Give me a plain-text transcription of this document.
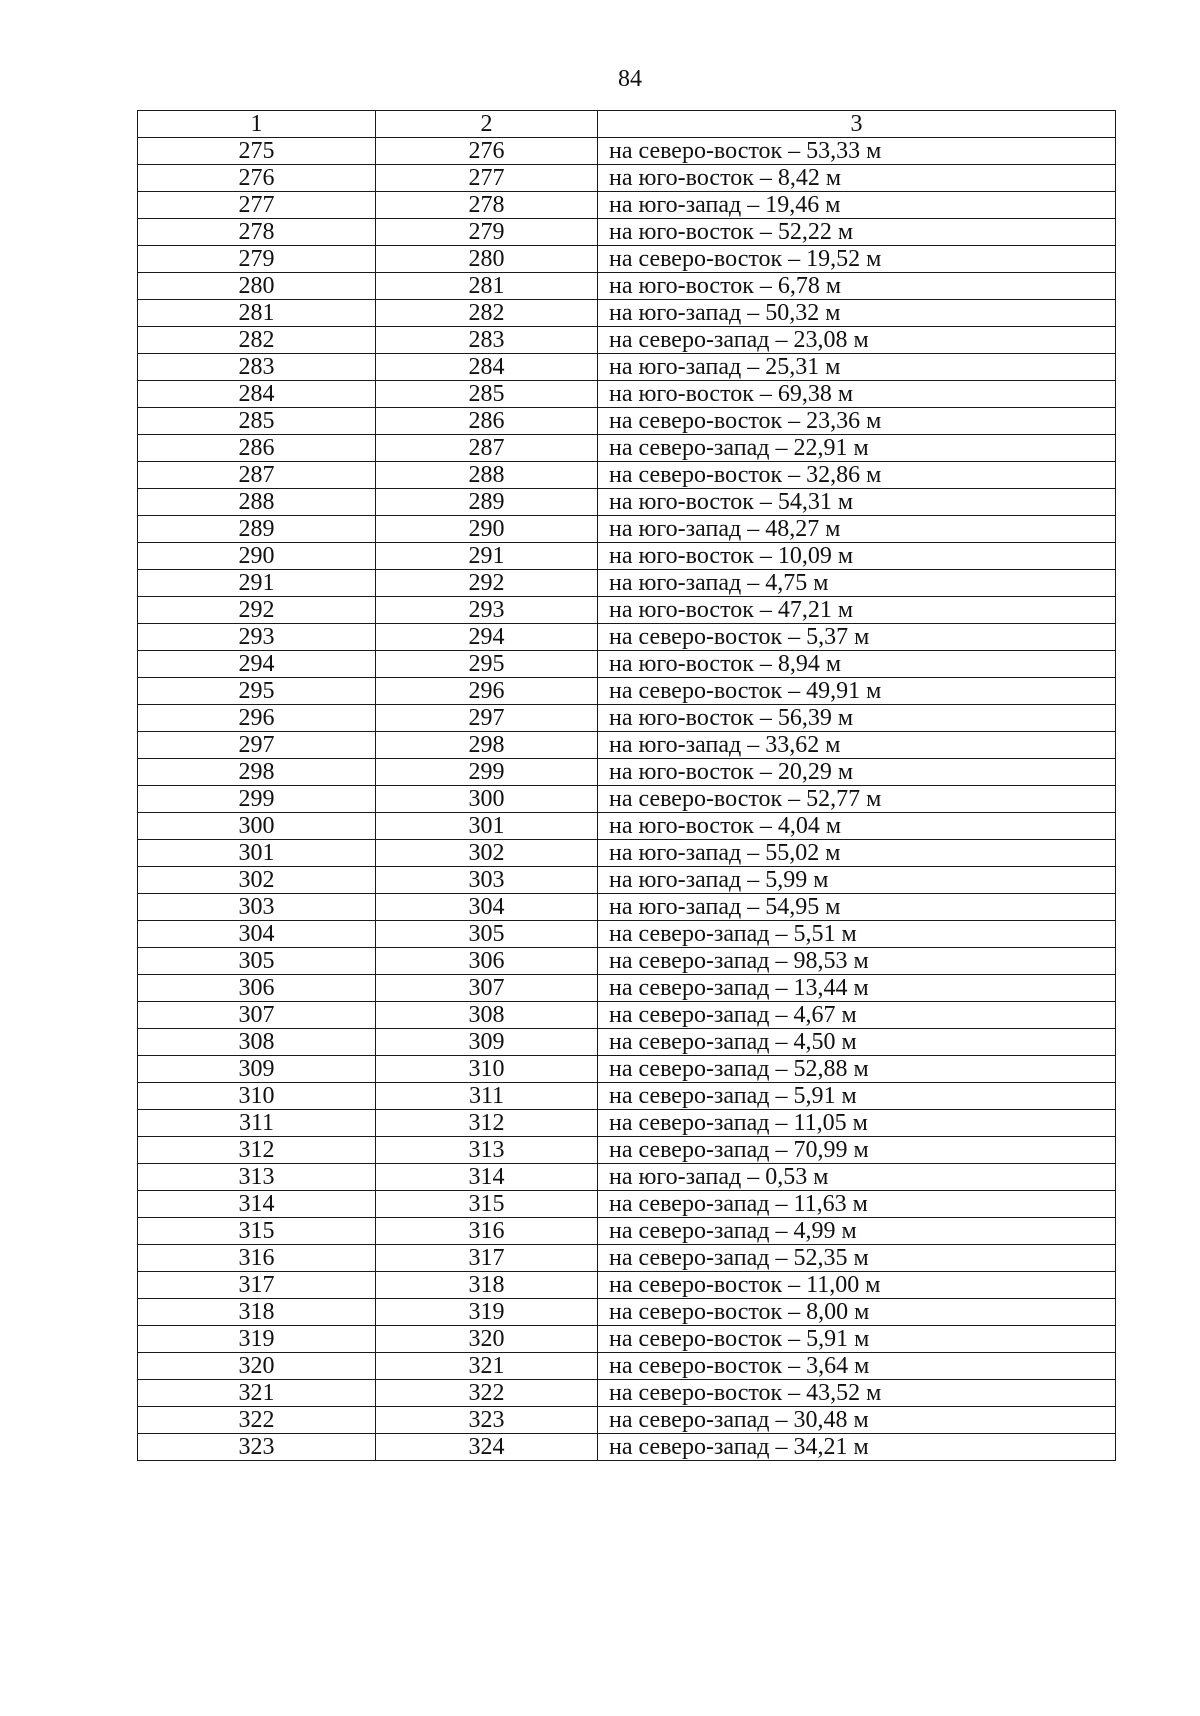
84
1	2	3
275	276	на северо-восток – 53,33 м
276	277	на юго-восток – 8,42 м
277	278	на юго-запад – 19,46 м
278	279	на юго-восток – 52,22 м
279	280	на северо-восток – 19,52 м
280	281	на юго-восток – 6,78 м
281	282	на юго-запад – 50,32 м
282	283	на северо-запад – 23,08 м
283	284	на юго-запад – 25,31 м
284	285	на юго-восток – 69,38 м
285	286	на северо-восток – 23,36 м
286	287	на северо-запад – 22,91 м
287	288	на северо-восток – 32,86 м
288	289	на юго-восток – 54,31 м
289	290	на юго-запад – 48,27 м
290	291	на юго-восток – 10,09 м
291	292	на юго-запад – 4,75 м
292	293	на юго-восток – 47,21 м
293	294	на северо-восток – 5,37 м
294	295	на юго-восток – 8,94 м
295	296	на северо-восток – 49,91 м
296	297	на юго-восток – 56,39 м
297	298	на юго-запад – 33,62 м
298	299	на юго-восток – 20,29 м
299	300	на северо-восток – 52,77 м
300	301	на юго-восток – 4,04 м
301	302	на юго-запад – 55,02 м
302	303	на юго-запад – 5,99 м
303	304	на юго-запад – 54,95 м
304	305	на северо-запад – 5,51 м
305	306	на северо-запад – 98,53 м
306	307	на северо-запад – 13,44 м
307	308	на северо-запад – 4,67 м
308	309	на северо-запад – 4,50 м
309	310	на северо-запад – 52,88 м
310	311	на северо-запад – 5,91 м
311	312	на северо-запад – 11,05 м
312	313	на северо-запад – 70,99 м
313	314	на юго-запад – 0,53 м
314	315	на северо-запад – 11,63 м
315	316	на северо-запад – 4,99 м
316	317	на северо-запад – 52,35 м
317	318	на северо-восток – 11,00 м
318	319	на северо-восток – 8,00 м
319	320	на северо-восток – 5,91 м
320	321	на северо-восток – 3,64 м
321	322	на северо-восток – 43,52 м
322	323	на северо-запад – 30,48 м
323	324	на северо-запад – 34,21 м
